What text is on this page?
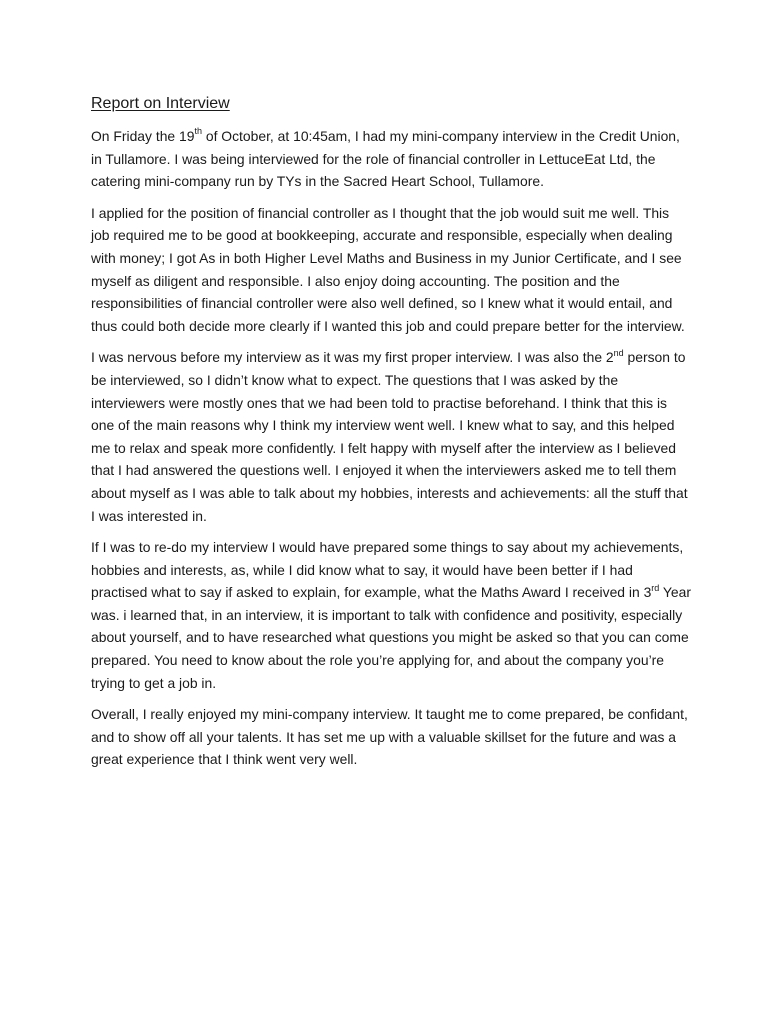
Report on Interview

On Friday the 19th of October, at 10:45am, I had my mini-company interview in the Credit Union, in Tullamore. I was being interviewed for the role of financial controller in LettuceEat Ltd, the catering mini-company run by TYs in the Sacred Heart School, Tullamore.

I applied for the position of financial controller as I thought that the job would suit me well. This job required me to be good at bookkeeping, accurate and responsible, especially when dealing with money; I got As in both Higher Level Maths and Business in my Junior Certificate, and I see myself as diligent and responsible. I also enjoy doing accounting. The position and the responsibilities of financial controller were also well defined, so I knew what it would entail, and thus could both decide more clearly if I wanted this job and could prepare better for the interview.

I was nervous before my interview as it was my first proper interview. I was also the 2nd person to be interviewed, so I didn’t know what to expect. The questions that I was asked by the interviewers were mostly ones that we had been told to practise beforehand. I think that this is one of the main reasons why I think my interview went well. I knew what to say, and this helped me to relax and speak more confidently. I felt happy with myself after the interview as I believed that I had answered the questions well. I enjoyed it when the interviewers asked me to tell them about myself as I was able to talk about my hobbies, interests and achievements: all the stuff that I was interested in.

If I was to re-do my interview I would have prepared some things to say about my achievements, hobbies and interests, as, while I did know what to say, it would have been better if I had practised what to say if asked to explain, for example, what the Maths Award I received in 3rd Year was. i learned that, in an interview, it is important to talk with confidence and positivity, especially about yourself, and to have researched what questions you might be asked so that you can come prepared. You need to know about the role you’re applying for, and about the company you’re trying to get a job in.

Overall, I really enjoyed my mini-company interview. It taught me to come prepared, be confidant, and to show off all your talents. It has set me up with a valuable skillset for the future and was a great experience that I think went very well.
